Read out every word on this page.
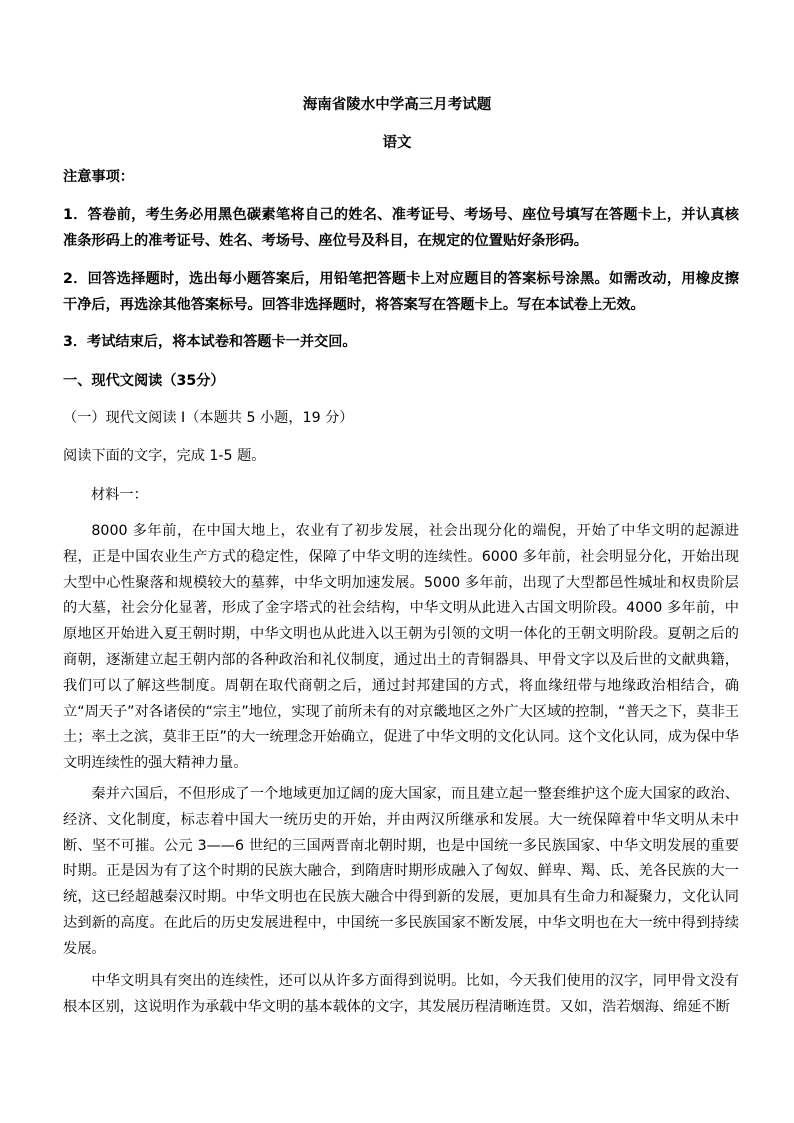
海南省陵水中学高三月考试题
语文
注意事项：
1．答卷前，考生务必用黑色碳素笔将自己的姓名、准考证号、考场号、座位号填写在答题卡上，并认真核准条形码上的准考证号、姓名、考场号、座位号及科目，在规定的位置贴好条形码。
2．回答选择题时，选出每小题答案后，用铅笔把答题卡上对应题目的答案标号涂黑。如需改动，用橡皮擦干净后，再选涂其他答案标号。回答非选择题时，将答案写在答题卡上。写在本试卷上无效。
3．考试结束后，将本试卷和答题卡一并交回。
一、现代文阅读（35分）
（一）现代文阅读 I（本题共 5 小题，19 分）
阅读下面的文字，完成 1-5 题。
材料一：
8000 多年前，在中国大地上，农业有了初步发展，社会出现分化的端倪，开始了中华文明的起源进程，正是中国农业生产方式的稳定性，保障了中华文明的连续性。6000 多年前，社会明显分化，开始出现大型中心性聚落和规模较大的墓葬，中华文明加速发展。5000 多年前，出现了大型都邑性城址和权贵阶层的大墓，社会分化显著，形成了金字塔式的社会结构，中华文明从此进入古国文明阶段。4000 多年前，中原地区开始进入夏王朝时期，中华文明也从此进入以王朝为引领的文明一体化的王朝文明阶段。夏朝之后的商朝，逐渐建立起王朝内部的各种政治和礼仪制度，通过出土的青铜器具、甲骨文字以及后世的文献典籍，我们可以了解这些制度。周朝在取代商朝之后，通过封邦建国的方式，将血缘纽带与地缘政治相结合，确立“周天子”对各诸侯的“宗主”地位，实现了前所未有的对京畿地区之外广大区域的控制，“普天之下，莫非王土；率土之滨，莫非王臣”的大一统理念开始确立，促进了中华文明的文化认同。这个文化认同，成为保中华文明连续性的强大精神力量。
秦并六国后，不但形成了一个地域更加辽阔的庞大国家，而且建立起一整套维护这个庞大国家的政治、经济、文化制度，标志着中国大一统历史的开始，并由两汉所继承和发展。大一统保障着中华文明从未中断、坚不可摧。公元 3——6 世纪的三国两晋南北朝时期，也是中国统一多民族国家、中华文明发展的重要时期。正是因为有了这个时期的民族大融合，到隋唐时期形成融入了匈奴、鲜卑、羯、氐、羌各民族的大一统，这已经超越秦汉时期。中华文明也在民族大融合中得到新的发展，更加具有生命力和凝聚力，文化认同达到新的高度。在此后的历史发展进程中，中国统一多民族国家不断发展，中华文明也在大一统中得到持续发展。
中华文明具有突出的连续性，还可以从许多方面得到说明。比如，今天我们使用的汉字，同甲骨文没有根本区别，这说明作为承载中华文明的基本载体的文字，其发展历程清晰连贯。又如，浩若烟海、绵延不断
